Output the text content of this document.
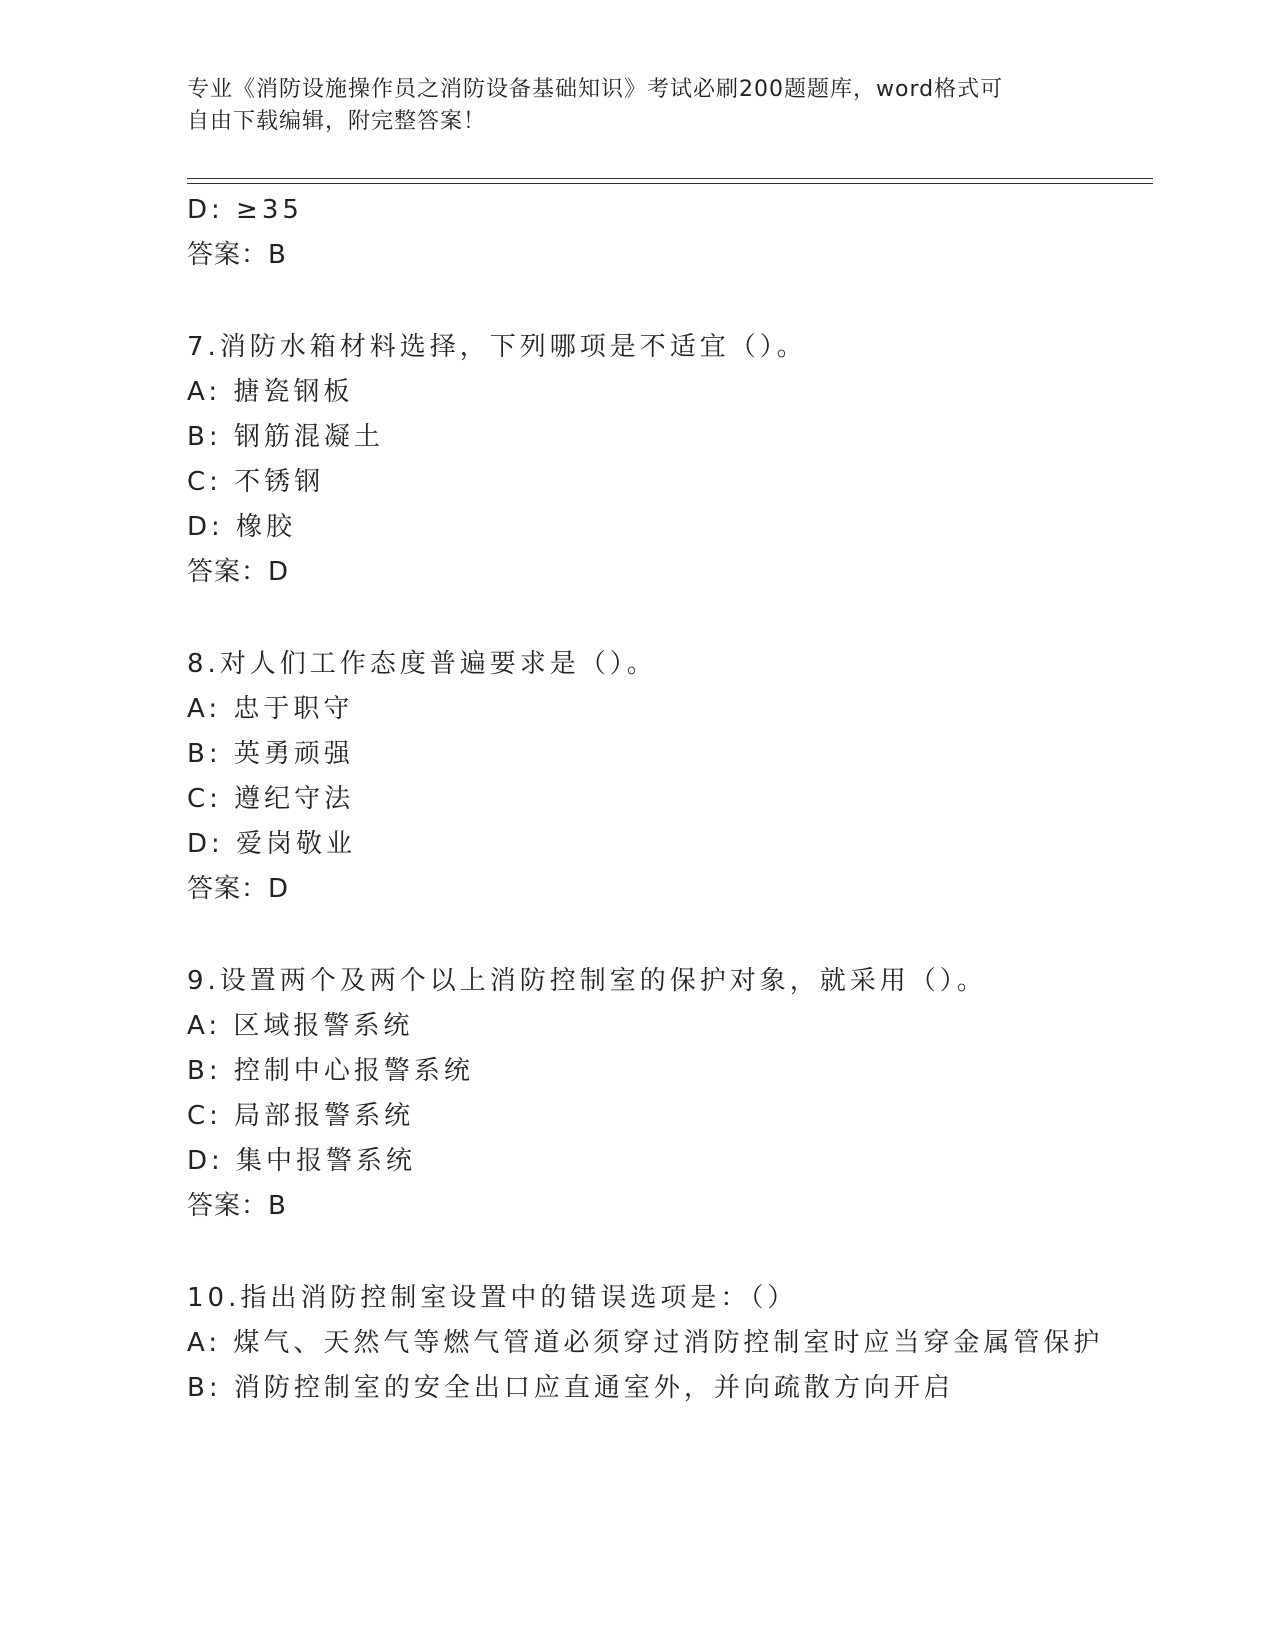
专业《消防设施操作员之消防设备基础知识》考试必刷200题题库，word格式可
自由下载编辑，附完整答案！
D: ≥35
答案：B
7.消防水箱材料选择，下列哪项是不适宜（）。
A: 搪瓷钢板
B: 钢筋混凝土
C: 不锈钢
D: 橡胶
答案：D
8.对人们工作态度普遍要求是（）。
A: 忠于职守
B: 英勇顽强
C: 遵纪守法
D: 爱岗敬业
答案：D
9.设置两个及两个以上消防控制室的保护对象，就采用（）。
A: 区域报警系统
B: 控制中心报警系统
C: 局部报警系统
D: 集中报警系统
答案：B
10.指出消防控制室设置中的错误选项是：（）
A: 煤气、天然气等燃气管道必须穿过消防控制室时应当穿金属管保护
B: 消防控制室的安全出口应直通室外，并向疏散方向开启
